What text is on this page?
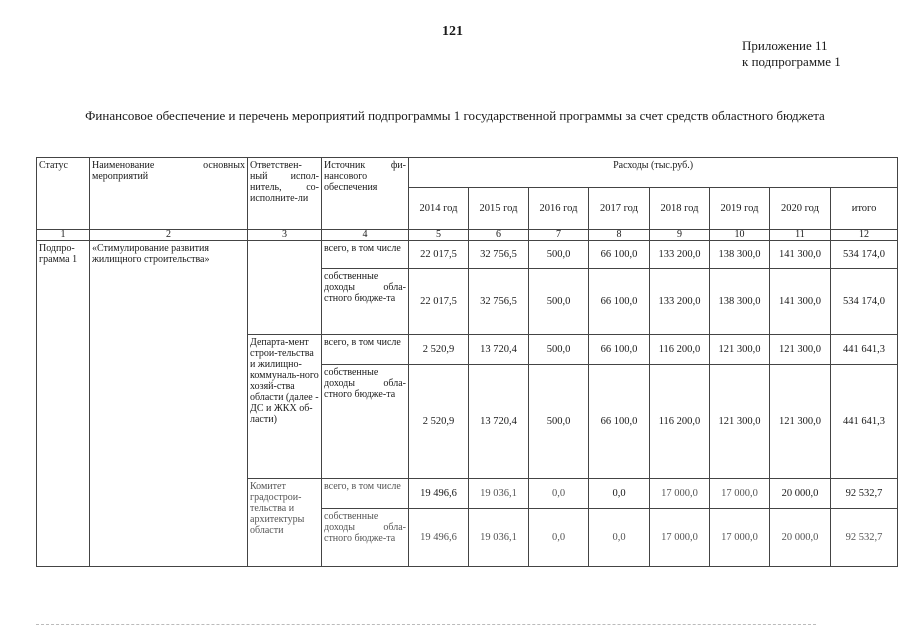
121
Приложение 11
к подпрограмме 1
Финансовое обеспечение и перечень мероприятий подпрограммы 1 государственной программы за счет средств областного бюджета
Статус	Наименование основных мероприятий	Ответствен-ный испол-нитель, со-исполните-ли	Источник фи-нансового обеспечения	Расходы (тыс.руб.)							
				2014 год	2015 год	2016 год	2017 год	2018 год	2019 год	2020 год	итого
1	2	3	4	5	6	7	8	9	10	11	12
Подпро-грамма 1	«Стимулирование развития жилищного строительства»		всего, в том числе	22 017,5	32 756,5	500,0	66 100,0	133 200,0	138 300,0	141 300,0	534 174,0
			собственные доходы обла-стного бюдже-та	22 017,5	32 756,5	500,0	66 100,0	133 200,0	138 300,0	141 300,0	534 174,0
		Департа-мент строи-тельства и жилищно-коммуналь-ного хозяй-ства области (далее - ДС и ЖКХ об-ласти)	всего, в том числе	2 520,9	13 720,4	500,0	66 100,0	116 200,0	121 300,0	121 300,0	441 641,3
			собственные доходы обла-стного бюдже-та	2 520,9	13 720,4	500,0	66 100,0	116 200,0	121 300,0	121 300,0	441 641,3
		Комитет градострои-тельства и архитектуры области	всего, в том числе	19 496,6	19 036,1	0,0	0,0	17 000,0	17 000,0	20 000,0	92 532,7
			собственные доходы обла-стного бюдже-та	19 496,6	19 036,1	0,0	0,0	17 000,0	17 000,0	20 000,0	92 532,7
